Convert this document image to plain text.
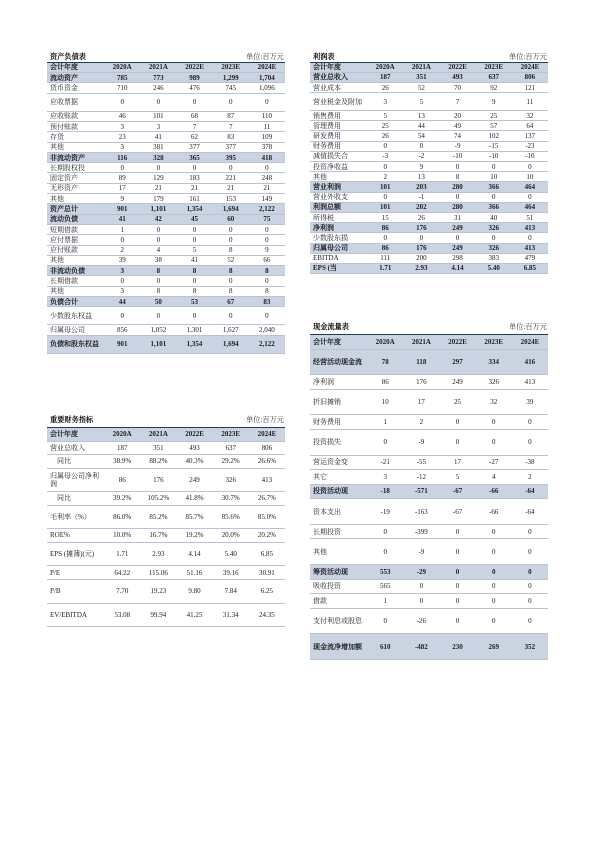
资产负债表			单位:百万元		
会计年度	2020A	2021A	2022E	2023E	2024E
流动资产	785	773	989	1,299	1,704
货币资金	710	246	476	745	1,096
应收票据	0	0	0	0	0
应收账款	46	101	68	87	110
预付账款	3	3	7	7	11
存货	23	41	62	83	109
其他	3	381	377	377	378
非流动资产	116	328	365	395	418
长期股权投	0	0	0	0	0
固定资产	89	129	183	221	248
无形资产	17	21	21	21	21
其他	9	179	161	153	149
资产总计	901	1,101	1,354	1,694	2,122
流动负债	41	42	45	60	75
短期借款	1	0	0	0	0
应付票据	0	0	0	0	0
应付账款	2	4	5	8	9
其他	39	38	41	52	66
非流动负债	3	8	8	8	8
长期借款	0	0	0	0	0
其他	3	8	8	8	8
负债合计	44	50	53	67	83
少数股东权益	0	0	0	0	0
归属母公司	856	1,052	1,301	1,627	2,040
负债和股东权益	901	1,101	1,354	1,694	2,122
利润表			单位:百万元		
会计年度	2020A	2021A	2022E	2023E	2024E
营业总收入	187	351	493	637	806
营业成本	26	52	70	92	121
营业税金及附加	3	5	7	9	11
销售费用	5	13	20	25	32
管理费用	25	44	49	57	64
研发费用	26	54	74	102	137
财务费用	0	0	-9	-15	-23
减值损失合	-3	-2	-10	-10	-10
投资净收益	0	9	0	0	0
其他	2	13	8	10	10
营业利润	101	203	280	366	464
营业外收支	0	-1	0	0	0
利润总额	101	202	280	366	464
所得税	15	26	31	40	51
净利润	86	176	249	326	413
少数股东损	0	0	0	0	0
归属母公司	86	176	249	326	413
EBITDA	111	200	298	383	479
EPS (当	1.71	2.93	4.14	5.40	6.85
重要财务指标			单位:百万元		
会计年度	2020A	2021A	2022E	2023E	2024E
营业总收入	187	351	493	637	806
同比	38.9%	88.2%	40.3%	29.2%	26.6%
归属母公司净利润	86	176	249	326	413
同比	39.2%	105.2%	41.8%	30.7%	26.7%
毛利率（%）	86.0%	85.2%	85.7%	85.6%	85.0%
ROE%	10.0%	16.7%	19.2%	20.0%	20.2%
EPS (摊薄)(元)	1.71	2.93	4.14	5.40	6.85
P/E	64.22	115.06	51.16	39.16	30.91
P/B	7.70	19.23	9.80	7.84	6.25
EV/EBITDA	53.08	99.94	41.25	31.34	24.35
现金流量表			单位:百万元		
会计年度	2020A	2021A	2022E	2023E	2024E
经营活动现金流	78	118	297	334	416
净利润	86	176	249	326	413
折旧摊销	10	17	25	32	39
财务费用	1	2	0	0	0
投资损失	0	-9	0	0	0
营运资金变	-21	-55	17	-27	-38
其它	3	-12	5	4	2
投资活动现	-18	-571	-67	-66	-64
资本支出	-19	-163	-67	-66	-64
长期投资	0	-399	0	0	0
其他	0	-9	0	0	0
筹资活动现	553	-29	0	0	0
吸收投资	565	0	0	0	0
借款	1	0	0	0	0
支付利息或股息	0	-26	0	0	0
现金流净增加额	610	-482	230	269	352
